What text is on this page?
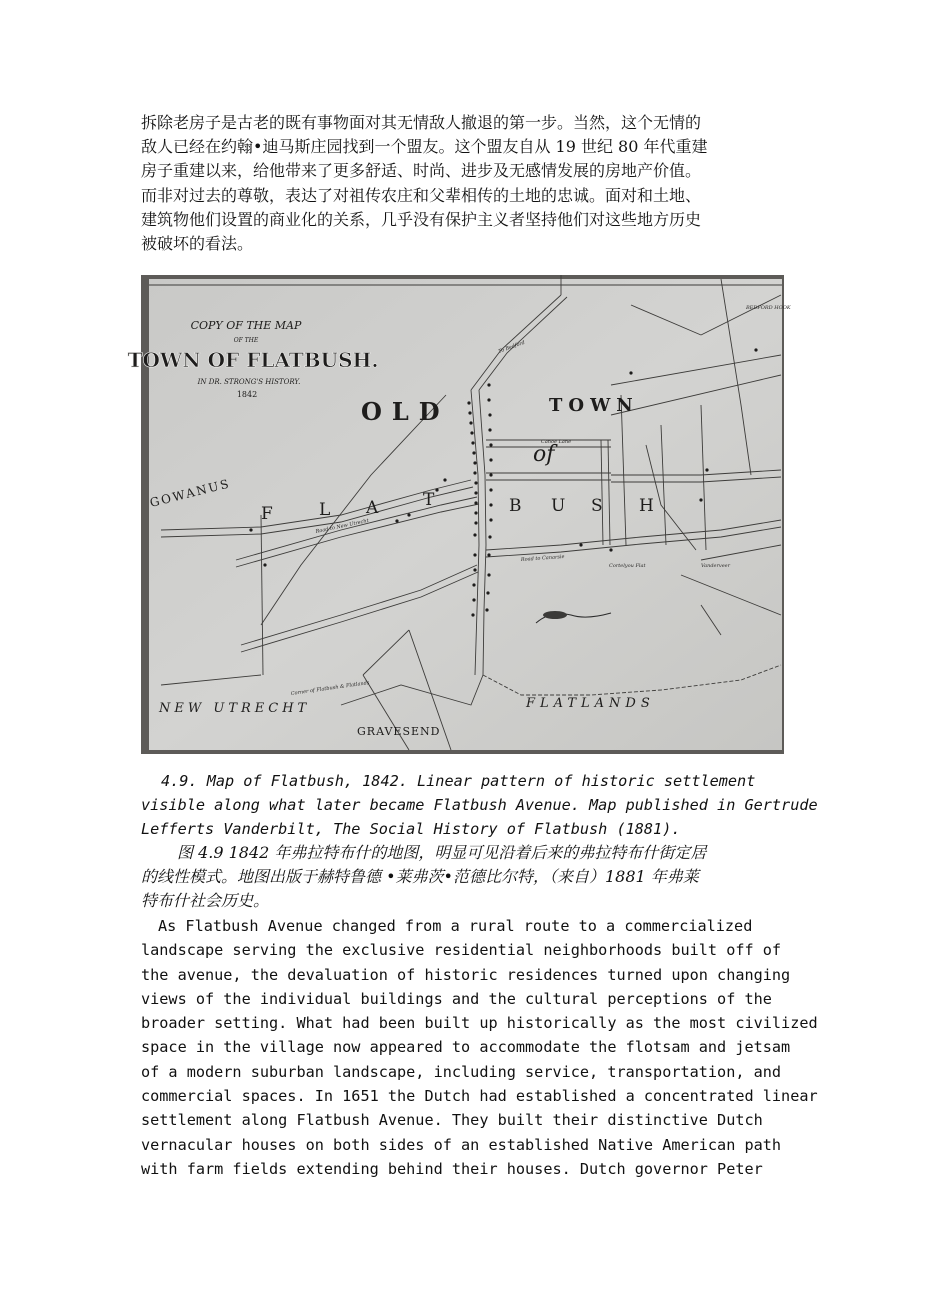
拆除老房子是古老的既有事物面对其无情敌人撤退的第一步。当然，这个无情的
敌人已经在约翰•迪马斯庄园找到一个盟友。这个盟友自从 19 世纪 80 年代重建
房子重建以来，给他带来了更多舒适、时尚、进步及无感情发展的房地产价值。
而非对过去的尊敬，表达了对祖传农庄和父辈相传的土地的忠诚。面对和土地、
建筑物他们设置的商业化的关系，几乎没有保护主义者坚持他们对这些地方历史
被破坏的看法。

COPY OF THE MAP
OF THE
TOWN OF FLATBUSH.
IN DR. STRONG'S HISTORY.
1842
OLD	TOWN
of
F	L A	T	B U S H
GOWANUS
NEW UTRECHT	FLATLANDS
GRAVESEND
Road to New Utrecht
Road to Canarsie
Cortelyou Flat	Vanderveer
To Bedford
BEDFORD HOOK
Canoe Lane
Corner of Flatbush & Flatlands

4.9. Map of Flatbush, 1842. Linear pattern of historic settlement
visible along what later became Flatbush Avenue. Map published in Gertrude
Lefferts Vanderbilt, The Social History of Flatbush (1881).

图 4.9 1842 年弗拉特布什的地图，明显可见沿着后来的弗拉特布什街定居
的线性模式。地图出版于赫特鲁德 •莱弗茨•范德比尔特，（来自）1881 年弗莱
特布什社会历史。

As Flatbush Avenue changed from a rural route to a commercialized
landscape serving the exclusive residential neighborhoods built off of
the avenue, the devaluation of historic residences turned upon changing
views of the individual buildings and the cultural perceptions of the
broader setting. What had been built up historically as the most civilized
space in the village now appeared to accommodate the flotsam and jetsam
of a modern suburban landscape, including service, transportation, and
commercial spaces. In 1651 the Dutch had established a concentrated linear
settlement along Flatbush Avenue. They built their distinctive Dutch
vernacular houses on both sides of an established Native American path
with farm fields extending behind their houses. Dutch governor Peter
